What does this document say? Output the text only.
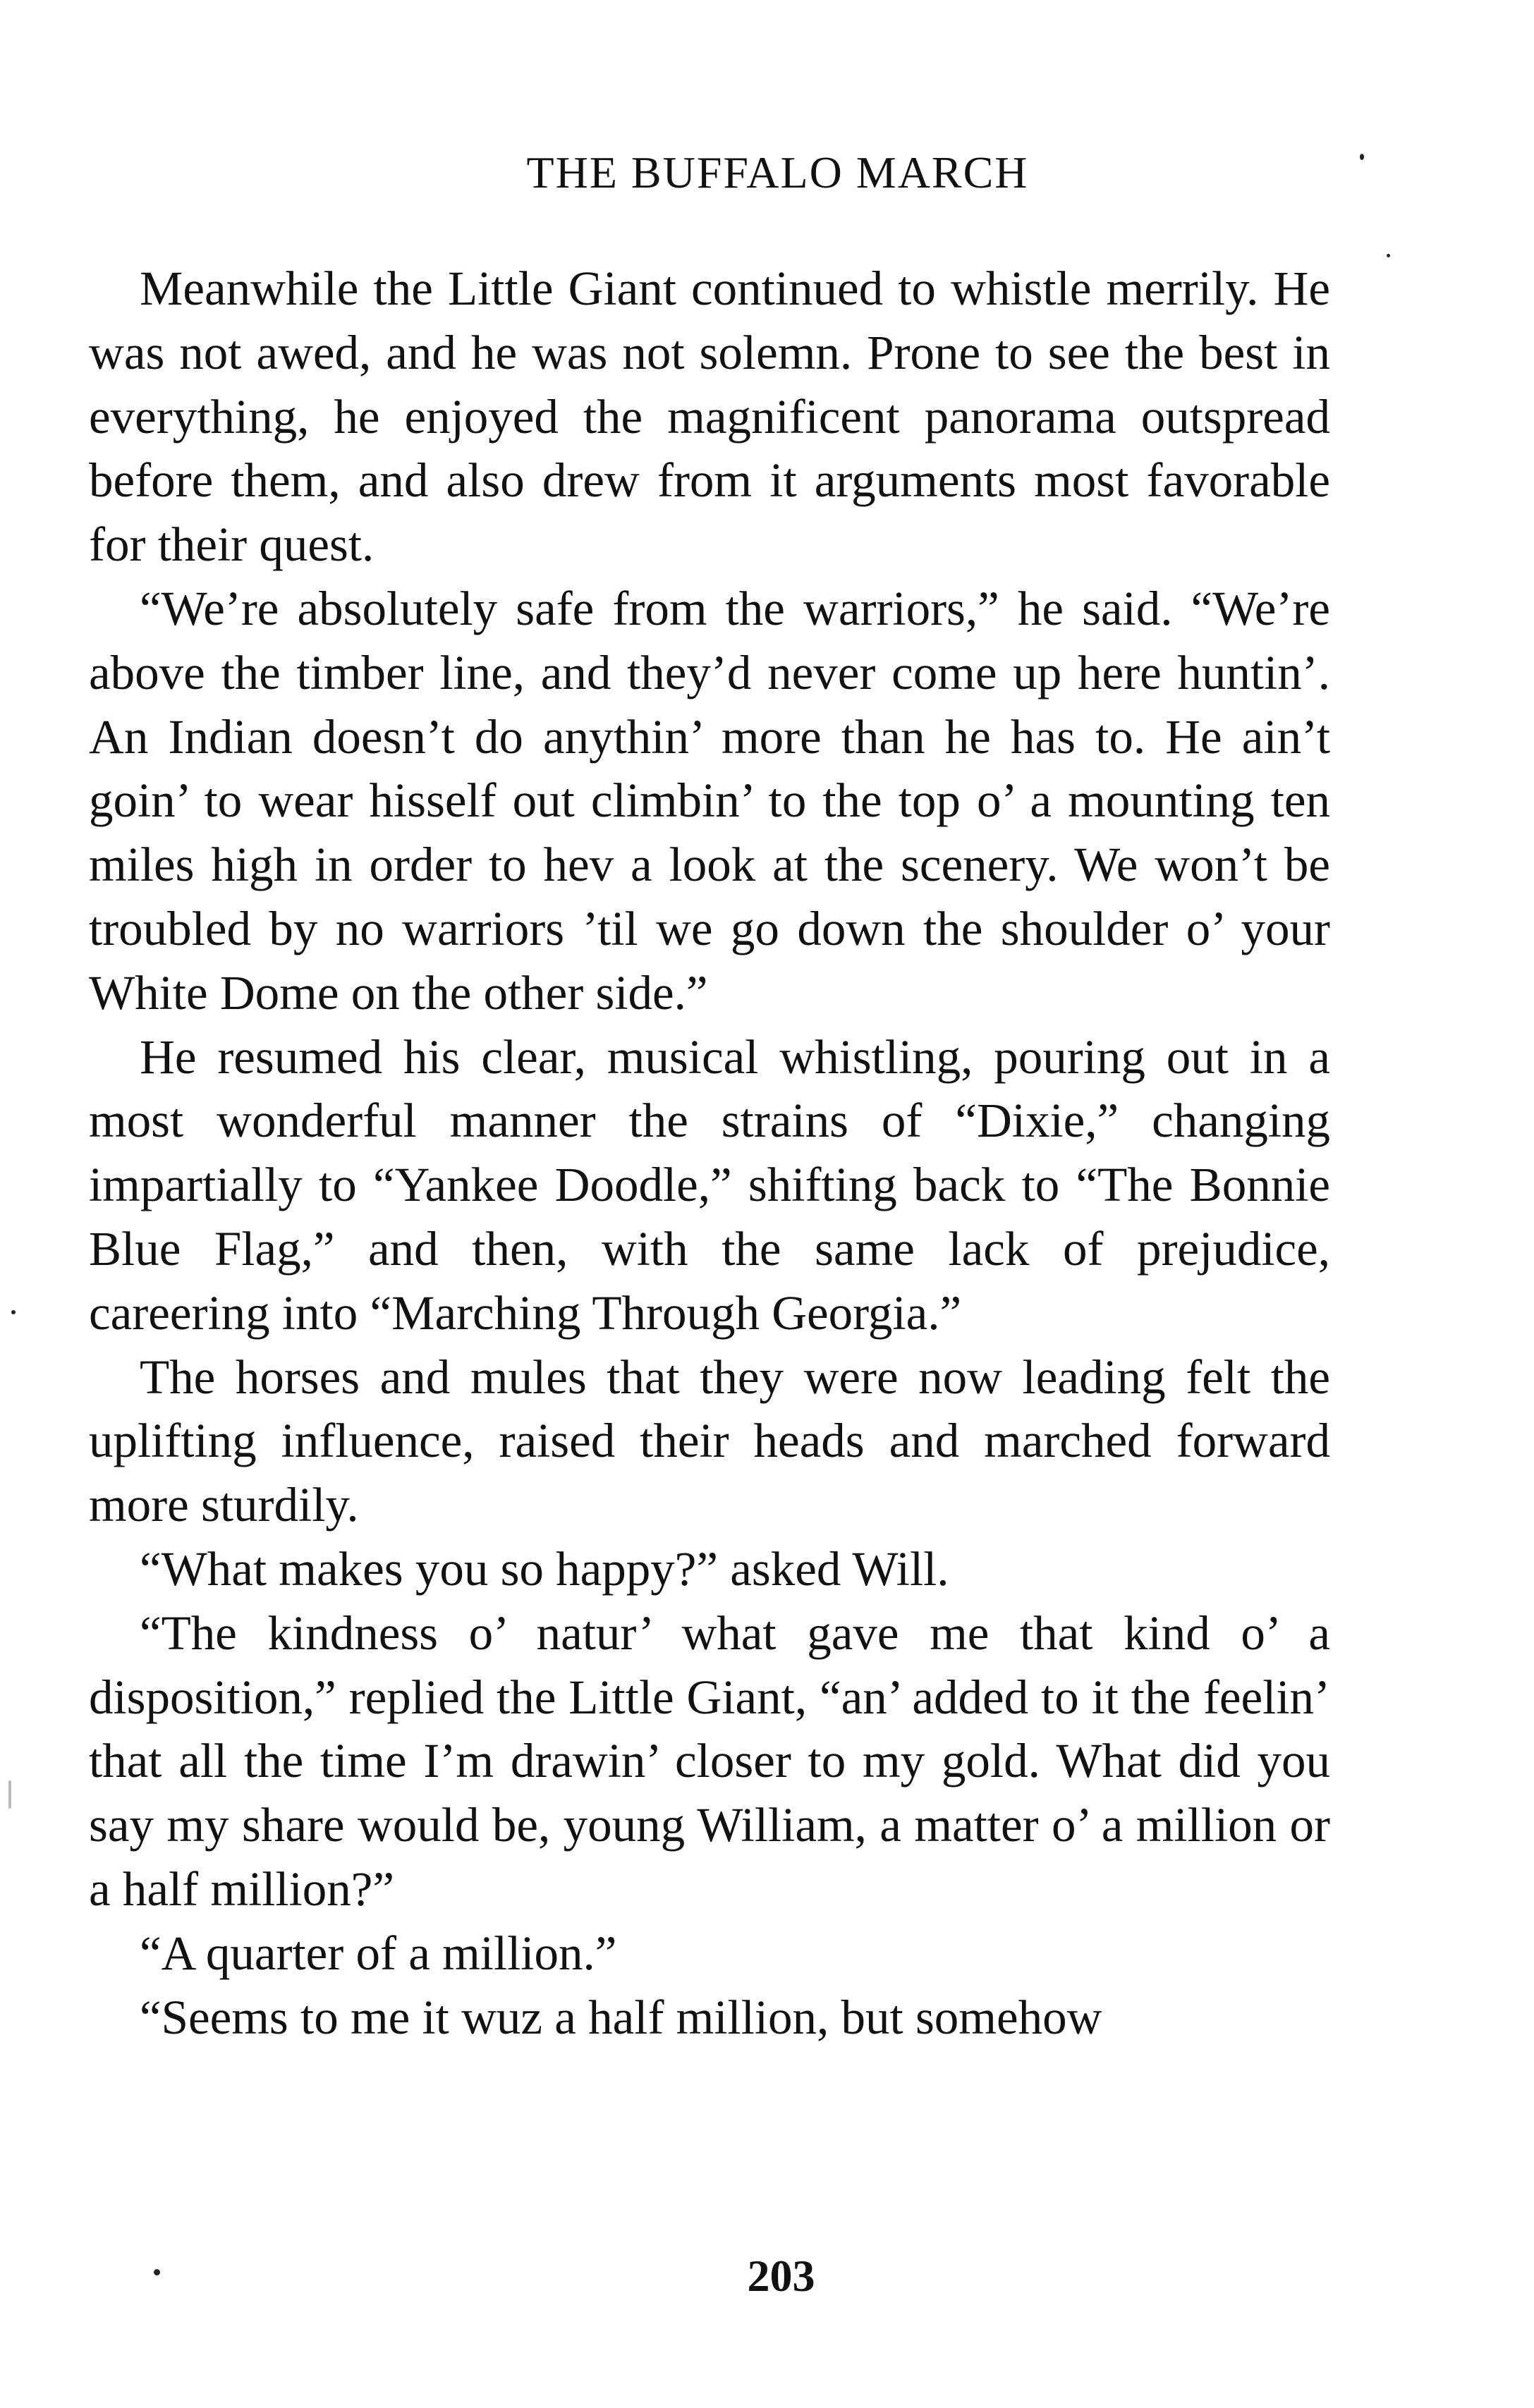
THE BUFFALO MARCH

Meanwhile the Little Giant continued to whistle merrily. He was not awed, and he was not solemn. Prone to see the best in everything, he enjoyed the magnificent panorama outspread before them, and also drew from it arguments most favorable for their quest.

“We’re absolutely safe from the warriors,” he said. “We’re above the timber line, and they’d never come up here huntin’. An Indian doesn’t do anythin’ more than he has to. He ain’t goin’ to wear hisself out climbin’ to the top o’ a mounting ten miles high in order to hev a look at the scenery. We won’t be troubled by no warriors ’til we go down the shoulder o’ your White Dome on the other side.”

He resumed his clear, musical whistling, pouring out in a most wonderful manner the strains of “Dixie,” changing impartially to “Yankee Doodle,” shifting back to “The Bonnie Blue Flag,” and then, with the same lack of prejudice, careering into “Marching Through Georgia.”

The horses and mules that they were now leading felt the uplifting influence, raised their heads and marched forward more sturdily.

“What makes you so happy?” asked Will.

“The kindness o’ natur’ what gave me that kind o’ a disposition,” replied the Little Giant, “an’ added to it the feelin’ that all the time I’m drawin’ closer to my gold. What did you say my share would be, young William, a matter o’ a million or a half million?”

“A quarter of a million.”

“Seems to me it wuz a half million, but somehow

203
